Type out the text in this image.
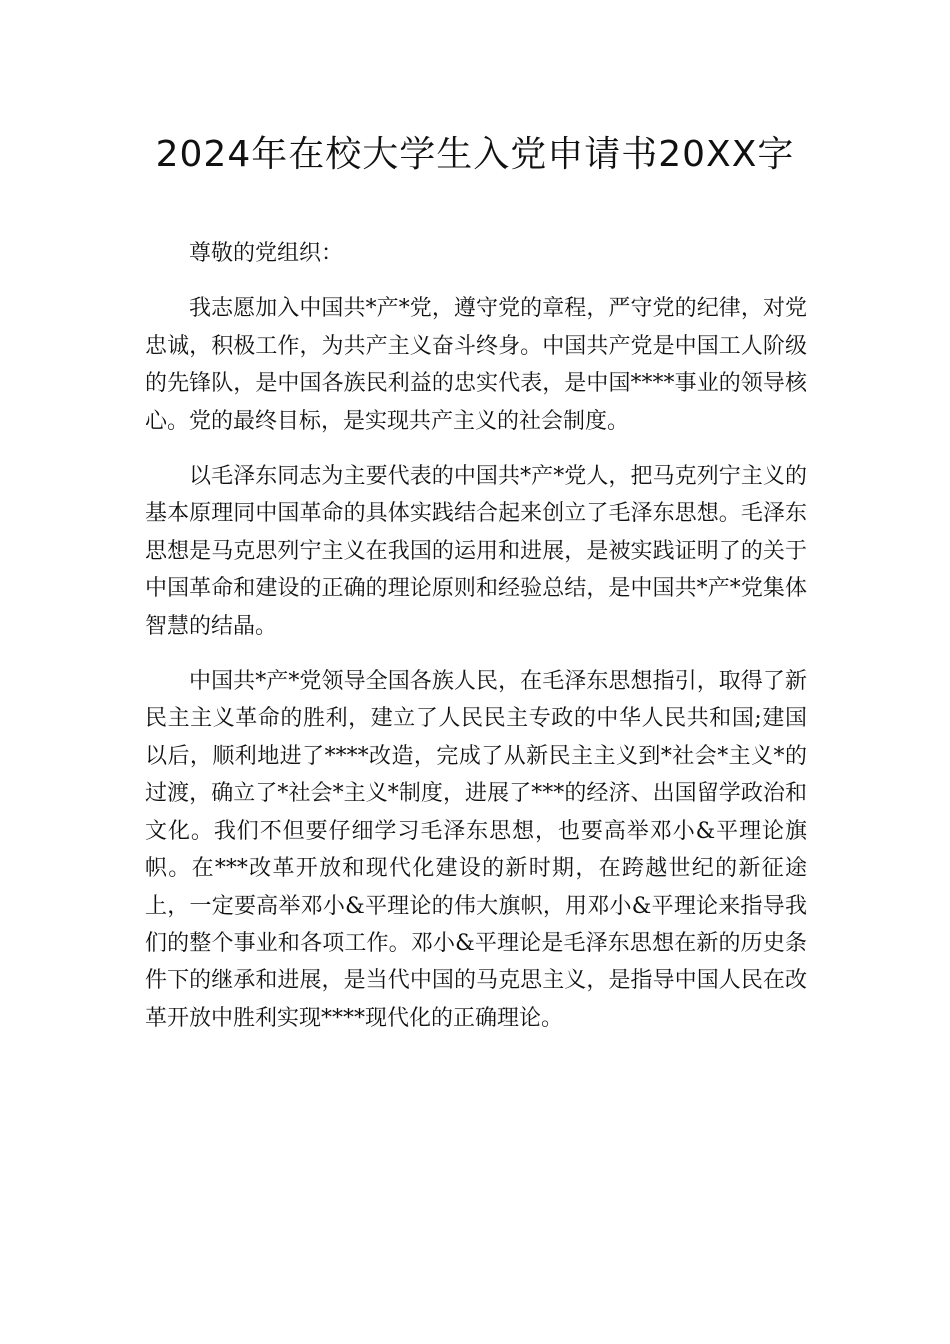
2024年在校大学生入党申请书20XX字

尊敬的党组织：

我志愿加入中国共*产*党，遵守党的章程，严守党的纪律，对党忠诚，积极工作，为共产主义奋斗终身。中国共产党是中国工人阶级的先锋队，是中国各族民利益的忠实代表，是中国****事业的领导核心。党的最终目标，是实现共产主义的社会制度。

以毛泽东同志为主要代表的中国共*产*党人，把马克列宁主义的基本原理同中国革命的具体实践结合起来创立了毛泽东思想。毛泽东思想是马克思列宁主义在我国的运用和进展，是被实践证明了的关于中国革命和建设的正确的理论原则和经验总结，是中国共*产*党集体智慧的结晶。

中国共*产*党领导全国各族人民，在毛泽东思想指引，取得了新民主主义革命的胜利，建立了人民民主专政的中华人民共和国;建国以后，顺利地进了****改造，完成了从新民主主义到*社会*主义*的过渡，确立了*社会*主义*制度，进展了***的经济、出国留学政治和文化。我们不但要仔细学习毛泽东思想，也要高举邓小&平理论旗帜。在***改革开放和现代化建设的新时期，在跨越世纪的新征途上，一定要高举邓小&平理论的伟大旗帜，用邓小&平理论来指导我们的整个事业和各项工作。邓小&平理论是毛泽东思想在新的历史条件下的继承和进展，是当代中国的马克思主义，是指导中国人民在改革开放中胜利实现****现代化的正确理论。
